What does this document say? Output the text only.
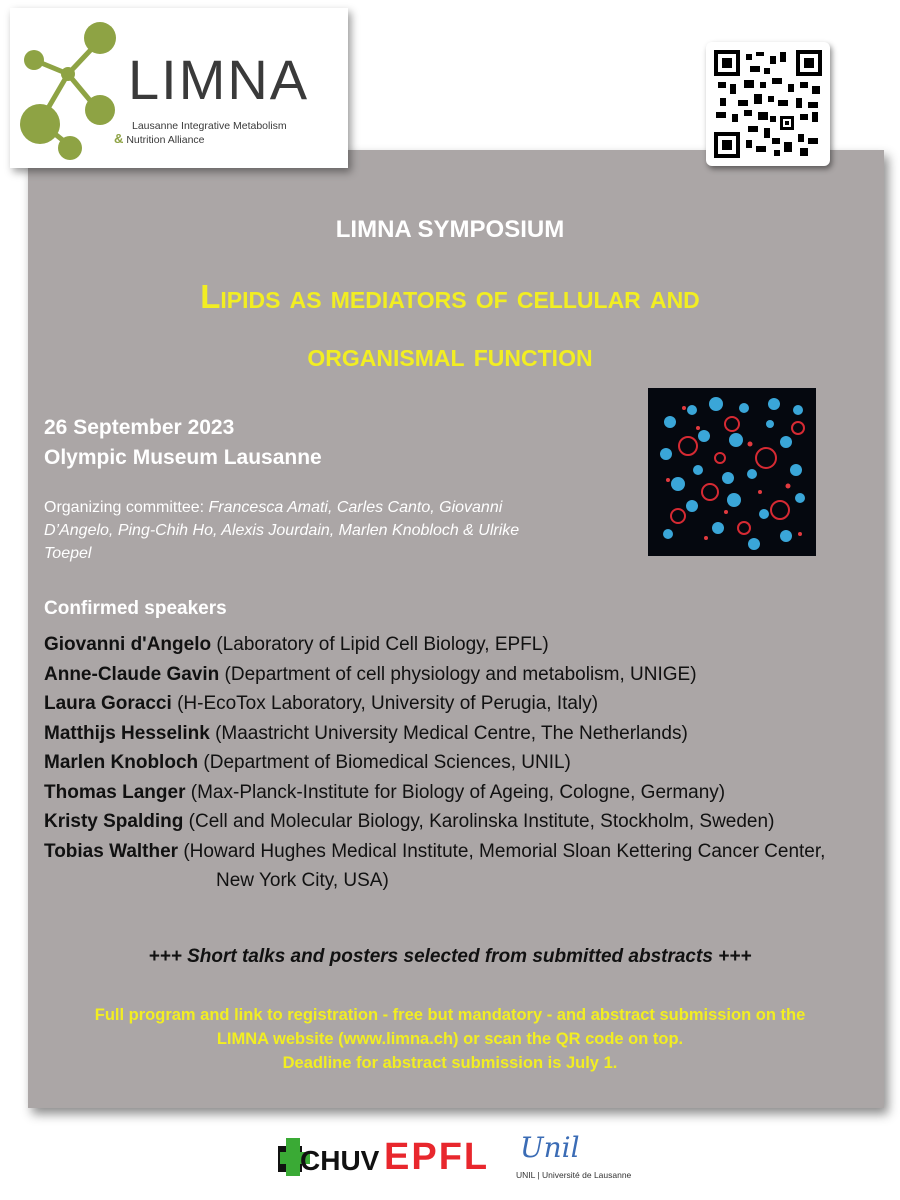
LIMNA
Lausanne Integrative Metabolism
& Nutrition Alliance
LIMNA SYMPOSIUM
Lipids as mediators of cellular and
organismal function
26 September 2023
Olympic Museum Lausanne
Organizing committee: Francesca Amati, Carles Canto, Giovanni D’Angelo, Ping-Chih Ho, Alexis Jourdain, Marlen Knobloch & Ulrike Toepel
Confirmed speakers
Giovanni d'Angelo (Laboratory of Lipid Cell Biology, EPFL)
Anne-Claude Gavin (Department of cell physiology and metabolism, UNIGE)
Laura Goracci (H-EcoTox Laboratory, University of Perugia, Italy)
Matthijs Hesselink (Maastricht University Medical Centre, The Netherlands)
Marlen Knobloch (Department of Biomedical Sciences, UNIL)
Thomas Langer (Max-Planck-Institute for Biology of Ageing, Cologne, Germany)
Kristy Spalding (Cell and Molecular Biology, Karolinska Institute, Stockholm, Sweden)
Tobias Walther (Howard Hughes Medical Institute, Memorial Sloan Kettering Cancer Center, New York City, USA)
+++ Short talks and posters selected from submitted abstracts +++
Full program and link to registration - free but mandatory - and abstract submission on the
LIMNA website (www.limna.ch) or scan the QR code on top.
Deadline for abstract submission is July 1.
CHUV EPFL Unil
UNIL | Université de Lausanne
